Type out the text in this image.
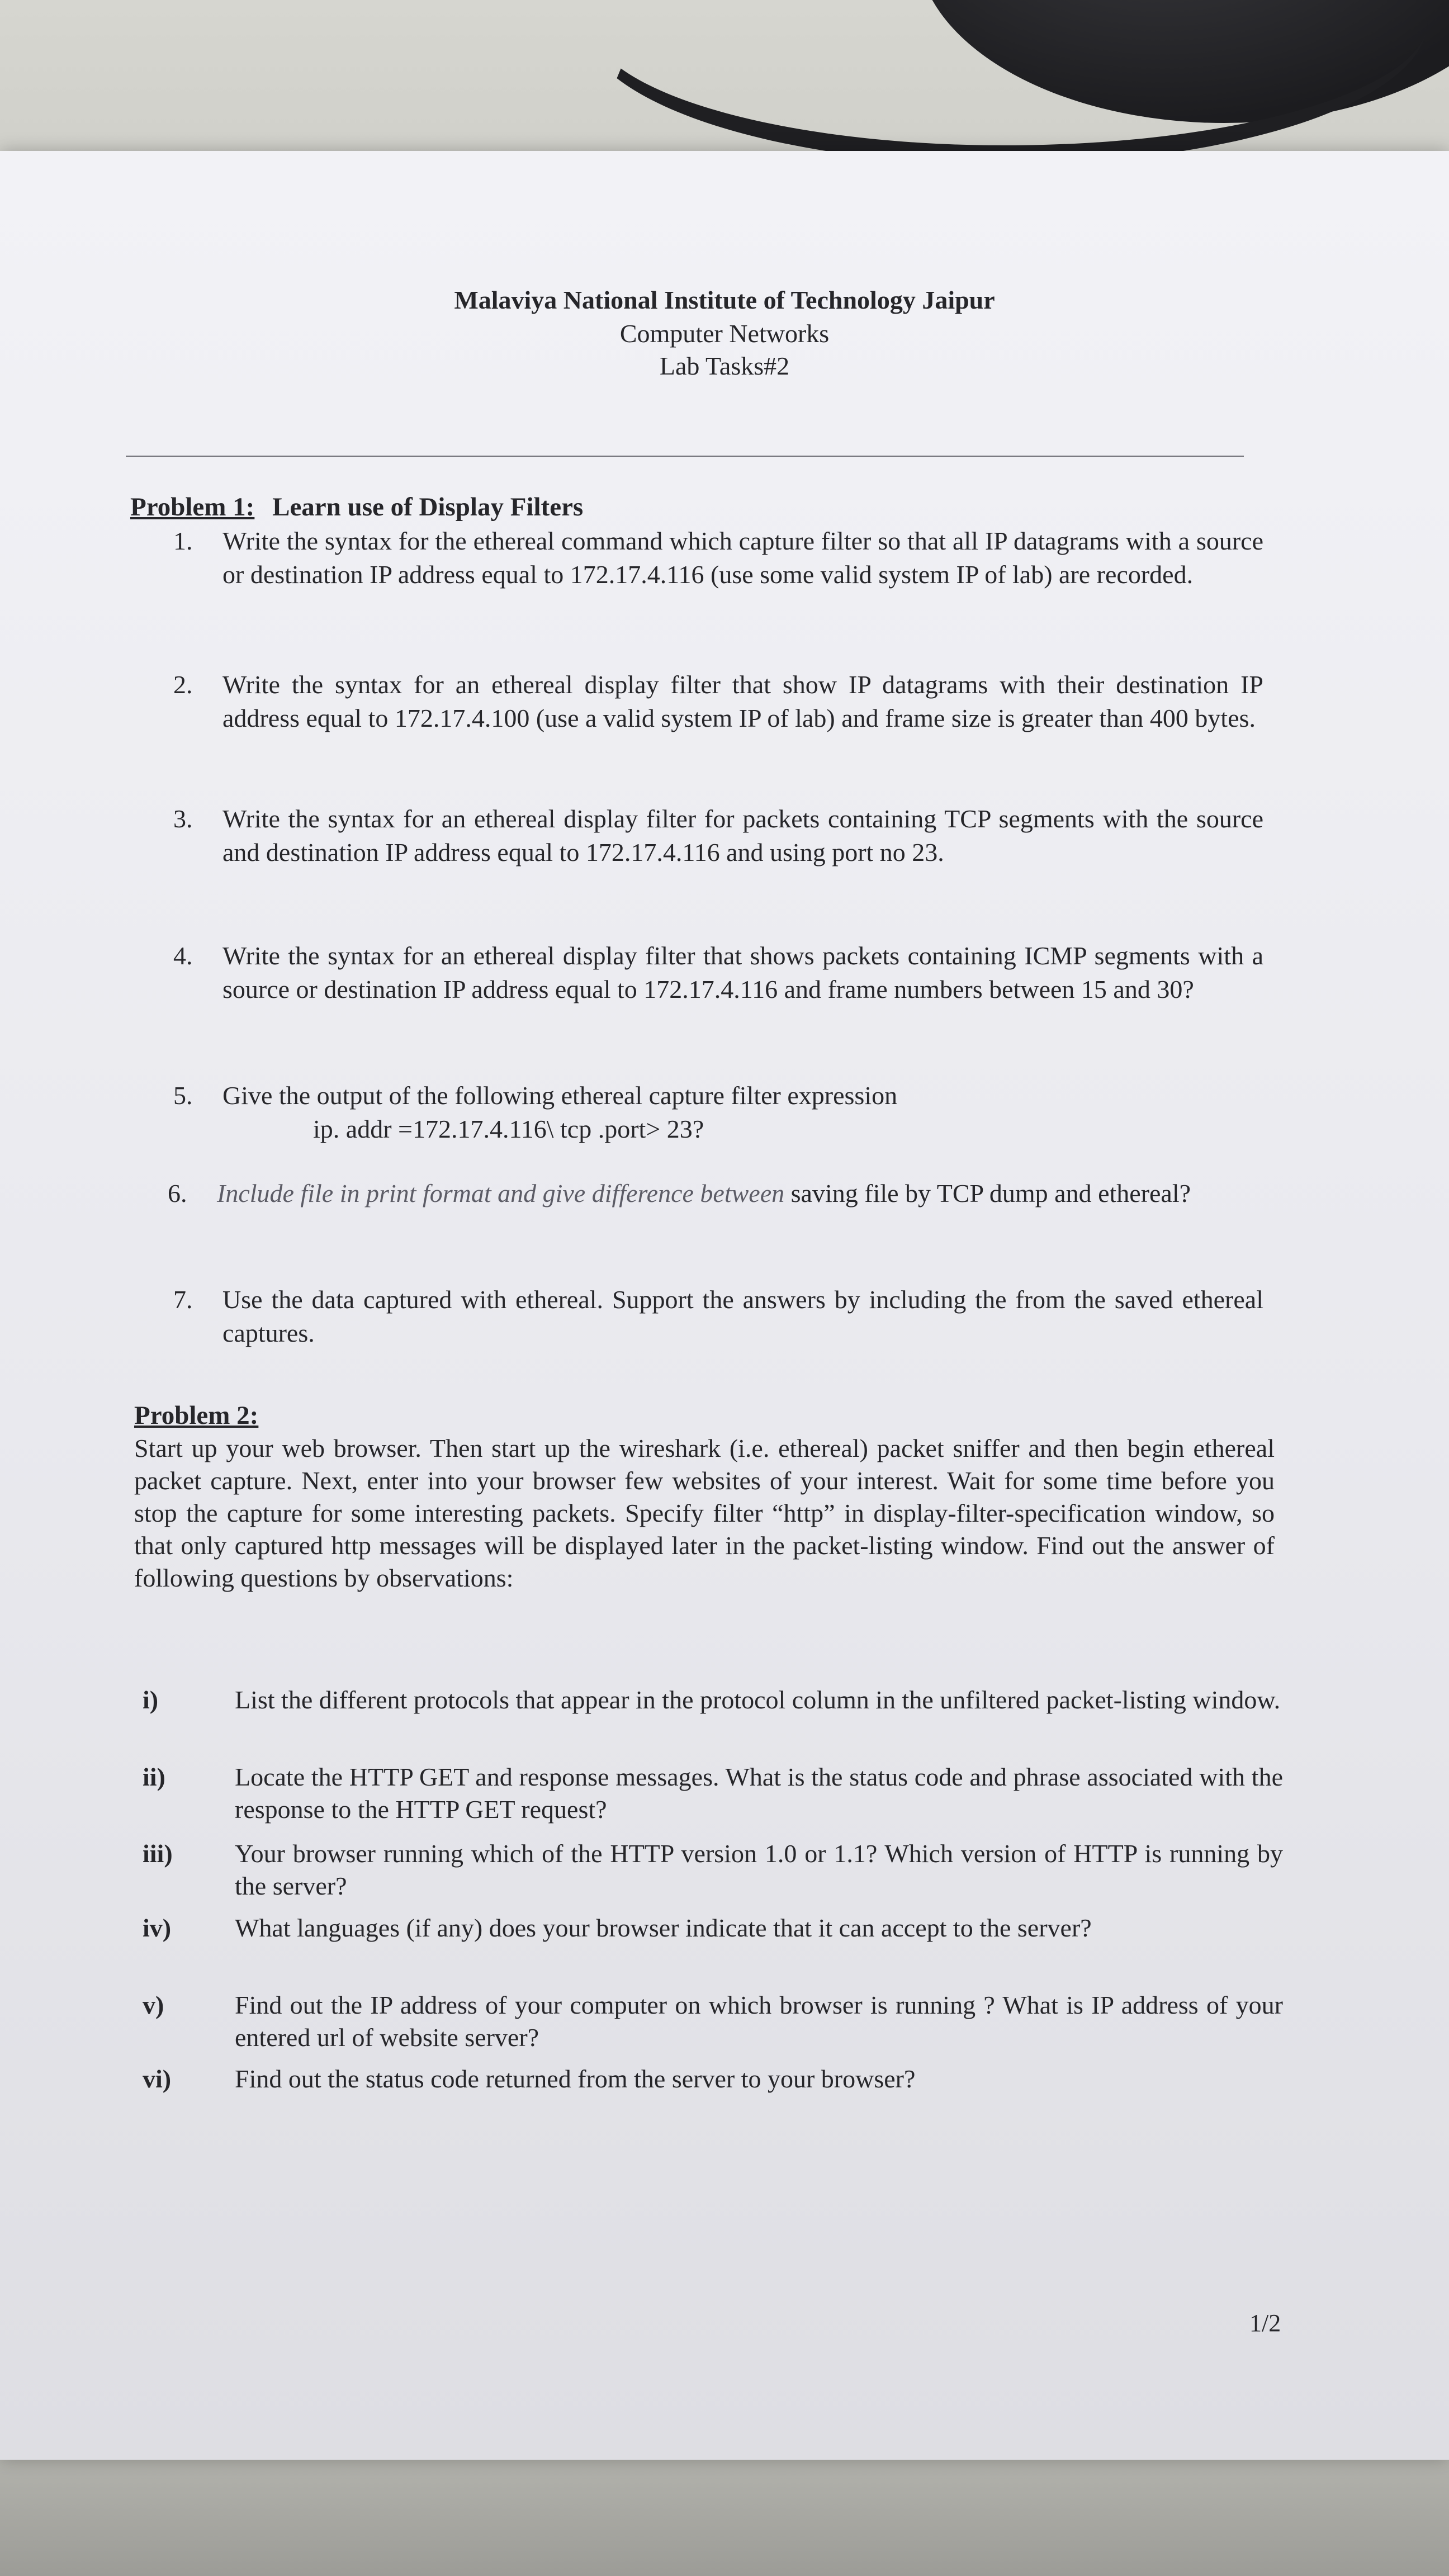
Malaviya National Institute of Technology Jaipur
Computer Networks
Lab Tasks#2
Problem 1: Learn use of Display Filters
1. Write the syntax for the ethereal command which capture filter so that all IP datagrams with a source or destination IP address equal to 172.17.4.116 (use some valid system IP of lab) are recorded.
2. Write the syntax for an ethereal display filter that show IP datagrams with their destination IP address equal to 172.17.4.100 (use a valid system IP of lab) and frame size is greater than 400 bytes.
3. Write the syntax for an ethereal display filter for packets containing TCP segments with the source and destination IP address equal to 172.17.4.116 and using port no 23.
4. Write the syntax for an ethereal display filter that shows packets containing ICMP segments with a source or destination IP address equal to 172.17.4.116 and frame numbers between 15 and 30?
5. Give the output of the following ethereal capture filter expression
ip. addr =172.17.4.116\ tcp .port> 23?
6. Include file in print format and give difference between saving file by TCP dump and ethereal?
7. Use the data captured with ethereal. Support the answers by including the from the saved ethereal captures.
Problem 2:
Start up your web browser. Then start up the wireshark (i.e. ethereal) packet sniffer and then begin ethereal packet capture. Next, enter into your browser few websites of your interest. Wait for some time before you stop the capture for some interesting packets. Specify filter “http” in display-filter-specification window, so that only captured http messages will be displayed later in the packet-listing window. Find out the answer of following questions by observations:
i)	List the different protocols that appear in the protocol column in the unfiltered packet-listing window.
ii)	Locate the HTTP GET and response messages. What is the status code and phrase associated with the response to the HTTP GET request?
iii) Your browser running which of the HTTP version 1.0 or 1.1? Which version of HTTP is running by the server?
iv) What languages (if any) does your browser indicate that it can accept to the server?
v)	Find out the IP address of your computer on which browser is running ? What is IP address of your entered url of website server?
vi) Find out the status code returned from the server to your browser?
1/2
